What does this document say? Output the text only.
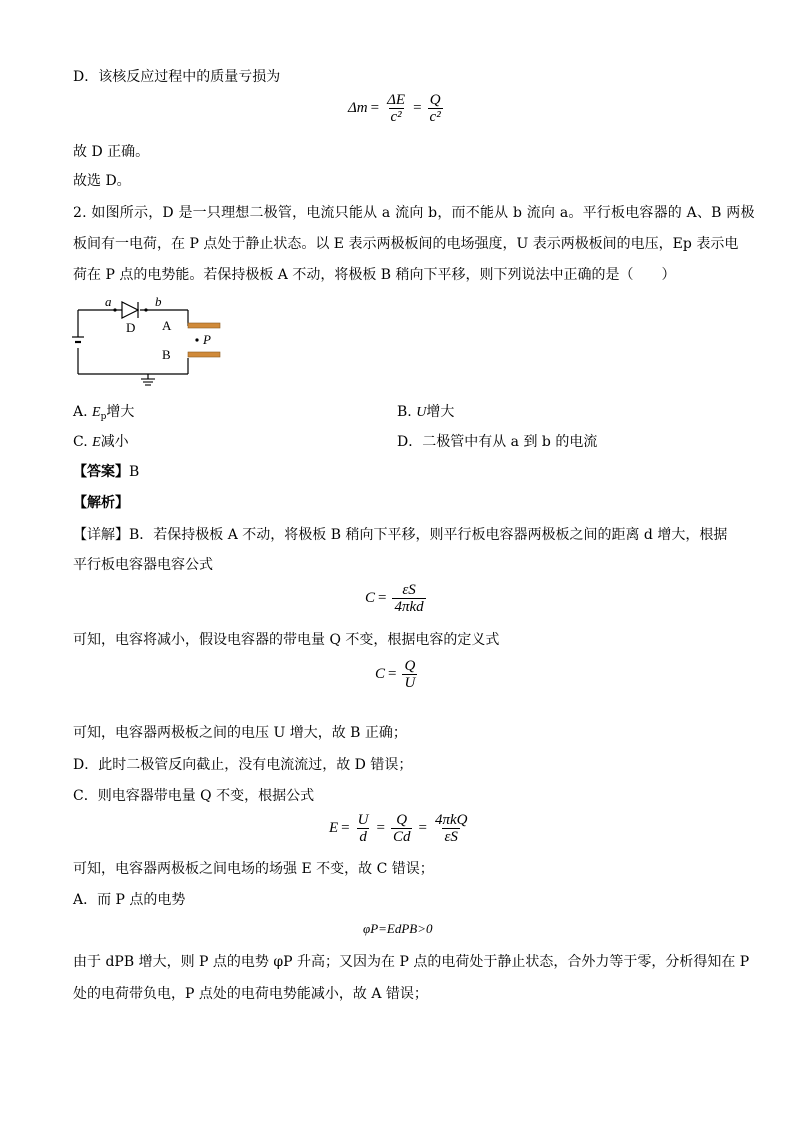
D．该核反应过程中的质量亏损为
$\Delta m = \frac{\Delta E}{\text{c²}} = \frac{Q}{\text{c²}}$
故 D 正确。
故选 D。
2. 如图所示，D 是一只理想二极管，电流只能从 a 流向 b，而不能从 b 流向 a。平行板电容器的 A、B 两极
板间有一电荷，在 P 点处于静止状态。以 E 表示两极板间的电场强度，U 表示两极板间的电压，Ep 表示电
荷在 P 点的电势能。若保持极板 A 不动，将极板 B 稍向下平移，则下列说法中正确的是（　　）
a	b
D A
B
P
A. $E_p$增大	B. U增大
C. E减小	D．二极管中有从 a 到 b 的电流
【答案】B
【解析】
【详解】B．若保持极板 A 不动，将极板 B 稍向下平移，则平行板电容器两极板之间的距离 d 增大，根据
平行板电容器电容公式
$C = \frac{\varepsilon S}{\text{4πkd}}$
可知，电容将减小，假设电容器的带电量 Q 不变，根据电容的定义式
$C = \frac{Q}{U}$
可知，电容器两极板之间的电压 U 增大，故 B 正确；
D．此时二极管反向截止，没有电流流过，故 D 错误；
C．则电容器带电量 Q 不变，根据公式
$E = \frac{U}{d} = \frac{Q}{Cd} = \frac{\text{4πkQ}}{\varepsilon S}$
可知，电容器两极板之间电场的场强 E 不变，故 C 错误；
A．而 P 点的电势
φP=EdPB>0
由于 dPB 增大，则 P 点的电势 φP 升高；又因为在 P 点的电荷处于静止状态，合外力等于零，分析得知在 P
处的电荷带负电，P 点处的电荷电势能减小，故 A 错误；
